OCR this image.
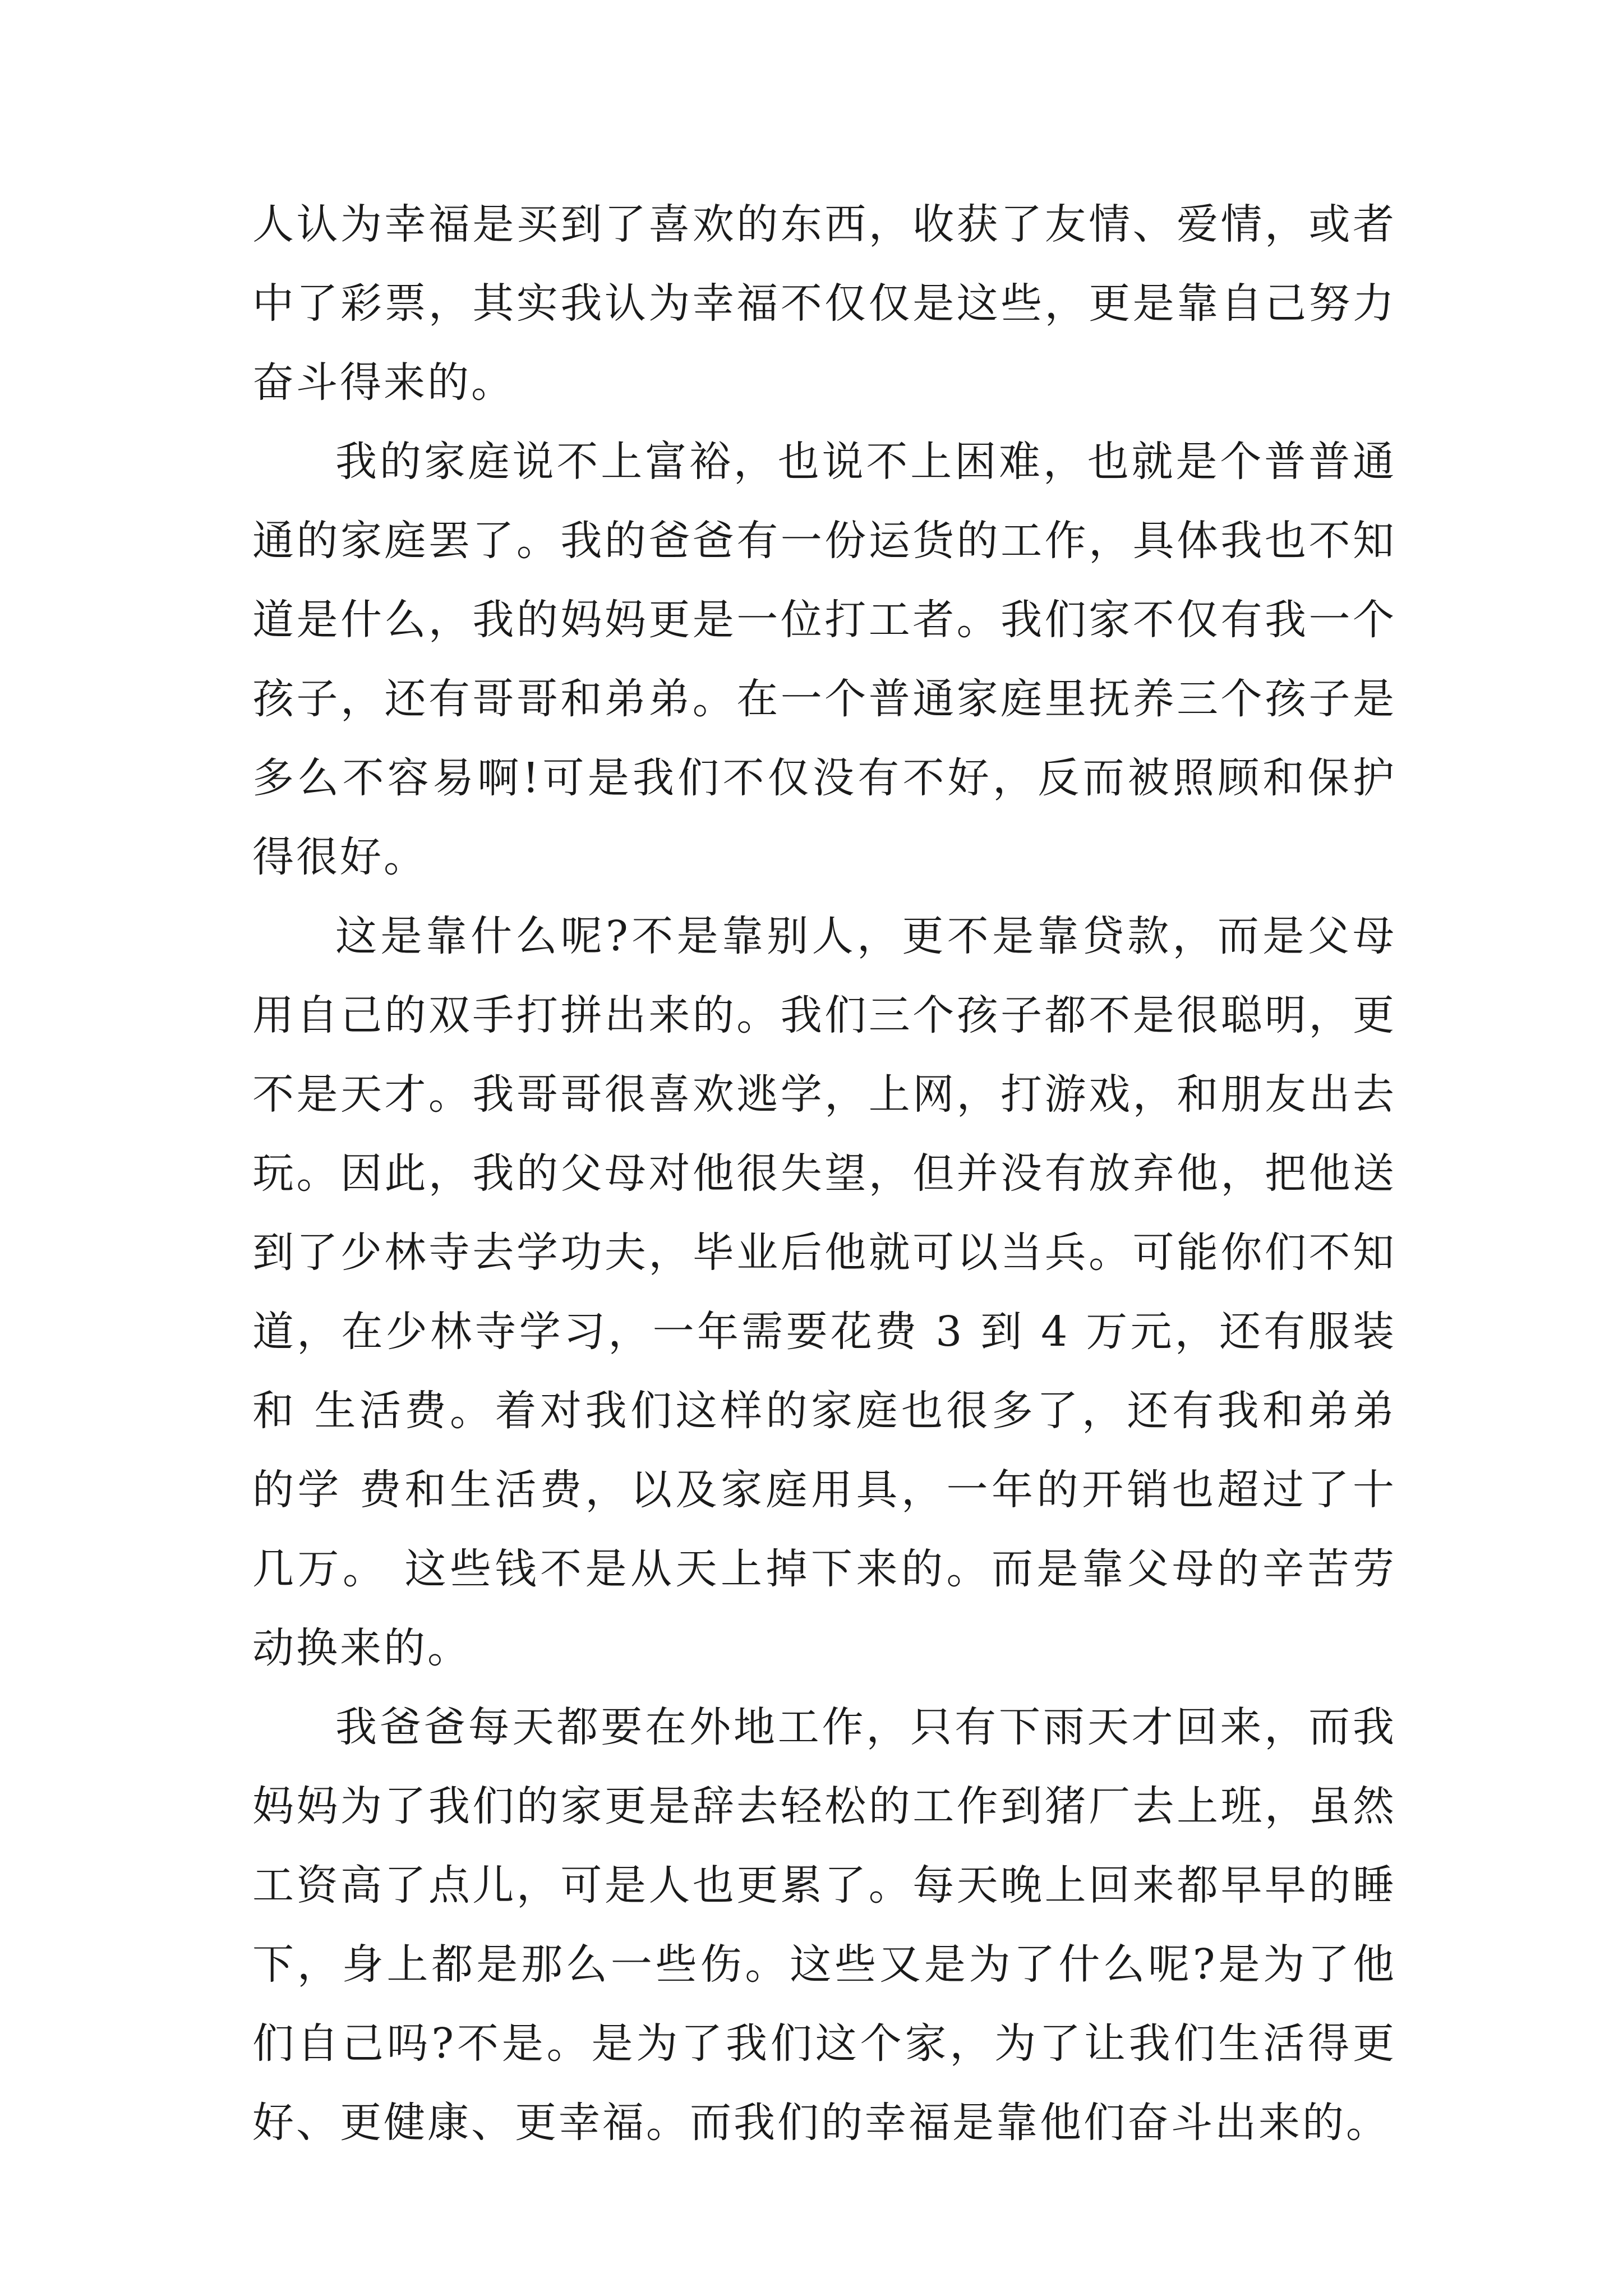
人认为幸福是买到了喜欢的东西，收获了友情、爱情，或者 中了彩票，其实我认为幸福不仅仅是这些，更是靠自己努力 奋斗得来的。

我的家庭说不上富裕，也说不上困难，也就是个普普通 通的家庭罢了。我的爸爸有一份运货的工作，具体我也不知 道是什么，我的妈妈更是一位打工者。我们家不仅有我一个 孩子，还有哥哥和弟弟。在一个普通家庭里抚养三个孩子是 多么不容易啊!可是我们不仅没有不好，反而被照顾和保护 得很好。

这是靠什么呢?不是靠别人，更不是靠贷款，而是父母 用自己的双手打拼出来的。我们三个孩子都不是很聪明，更 不是天才。我哥哥很喜欢逃学，上网，打游戏，和朋友出去 玩。因此，我的父母对他很失望，但并没有放弃他，把他送 到了少林寺去学功夫，毕业后他就可以当兵。可能你们不知 道，在少林寺学习，一年需要花费 3 到 4 万元，还有服装和 生活费。着对我们这样的家庭也很多了，还有我和弟弟的学 费和生活费，以及家庭用具，一年的开销也超过了十几万。 这些钱不是从天上掉下来的。而是靠父母的辛苦劳动换来的。

我爸爸每天都要在外地工作，只有下雨天才回来，而我 妈妈为了我们的家更是辞去轻松的工作到猪厂去上班，虽然 工资高了点儿，可是人也更累了。每天晚上回来都早早的睡 下，身上都是那么一些伤。这些又是为了什么呢?是为了他 们自己吗?不是。是为了我们这个家，为了让我们生活得更 好、更健康、更幸福。而我们的幸福是靠他们奋斗出来的。
